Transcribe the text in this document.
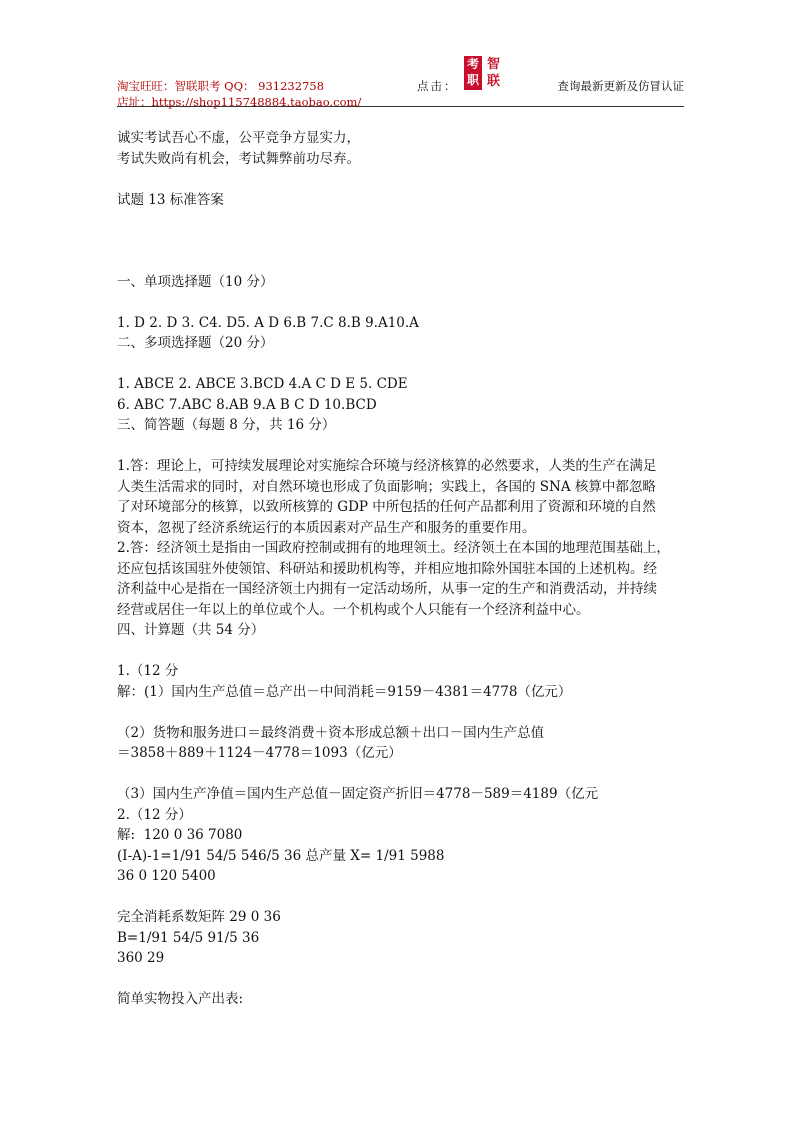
淘宝旺旺：智联职考 QQ： 931232758
店址：https://shop115748884.taobao.com/
点击：
考职
智联	查询最新更新及仿冒认证

诚实考试吾心不虚，公平竞争方显实力，

考试失败尚有机会，考试舞弊前功尽弃。

试题 13 标准答案

一、单项选择题（10 分）

1. D 2. D 3. C4. D5. A D 6.B 7.C 8.B 9.A10.A

二、多项选择题（20 分）

1. ABCE 2. ABCE 3.BCD 4.A C D E 5. CDE

6. ABC 7.ABC 8.AB 9.A B C D 10.BCD

三、简答题（每题 8 分，共 16 分）

1.答：理论上，可持续发展理论对实施综合环境与经济核算的必然要求，人类的生产在满足

人类生活需求的同时，对自然环境也形成了负面影响；实践上，各国的 SNA 核算中都忽略

了对环境部分的核算，以致所核算的 GDP 中所包括的任何产品都利用了资源和环境的自然

资本，忽视了经济系统运行的本质因素对产品生产和服务的重要作用。

2.答：经济领土是指由一国政府控制或拥有的地理领土。经济领土在本国的地理范围基础上，

还应包括该国驻外使领馆、科研站和援助机构等，并相应地扣除外国驻本国的上述机构。经

济利益中心是指在一国经济领土内拥有一定活动场所，从事一定的生产和消费活动，并持续

经营或居住一年以上的单位或个人。一个机构或个人只能有一个经济利益中心。

四、计算题（共 54 分）

1.（12 分

解：(1）国内生产总值＝总产出－中间消耗＝9159－4381＝4778（亿元）

（2）货物和服务进口＝最终消费＋资本形成总额＋出口－国内生产总值

＝3858＋889＋1124－4778＝1093（亿元）

（3）国内生产净值＝国内生产总值－固定资产折旧＝4778－589＝4189（亿元

2.（12 分）

解:  120 0 36 7080

(I-A)-1=1/91 54/5 546/5 36 总产量 X= 1/91 5988

36 0 120 5400

完全消耗系数矩阵 29 0 36

B=1/91 54/5 91/5 36

360 29

简单实物投入产出表:
